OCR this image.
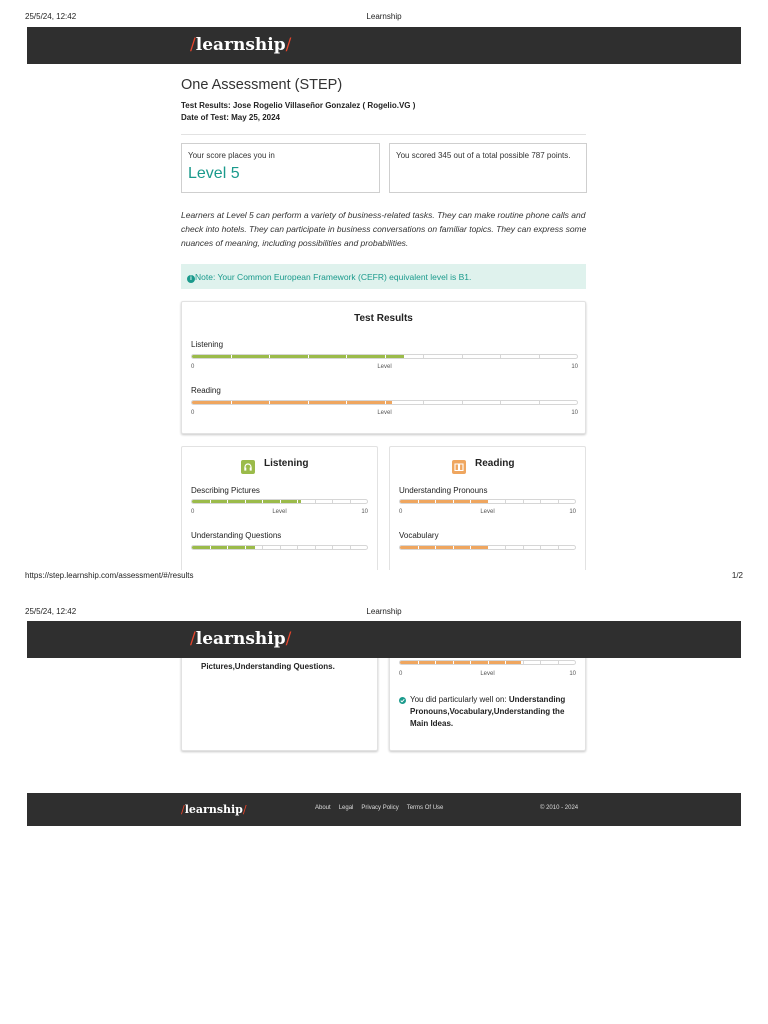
25/5/24, 12:42	Learnship
/learnship/
One Assessment (STEP)
Test Results: Jose Rogelio Villaseñor Gonzalez ( Rogelio.VG )
Date of Test: May 25, 2024
Your score places you in
Level 5
You scored 345 out of a total possible 787 points.
Learners at Level 5 can perform a variety of business-related tasks. They can make routine phone calls and check into hotels. They can participate in business conversations on familiar topics. They can express some nuances of meaning, including possibilities and probabilities.
i Note: Your Common European Framework (CEFR) equivalent level is B1.
Test Results
Listening
0	Level	10
Reading
0	Level	10
Listening
Describing Pictures
0	Level	10
Understanding Questions
Reading
Understanding Pronouns
0	Level	10
Vocabulary
https://step.learnship.com/assessment/#/results	1/2
25/5/24, 12:42	Learnship
Pictures,Understanding Questions.
0	Level	10
You did particularly well on: Understanding
Pronouns,Vocabulary,Understanding the
Main Ideas.
/learnship/
/learnship/	About Legal Privacy Policy Terms Of Use	© 2010 - 2024
